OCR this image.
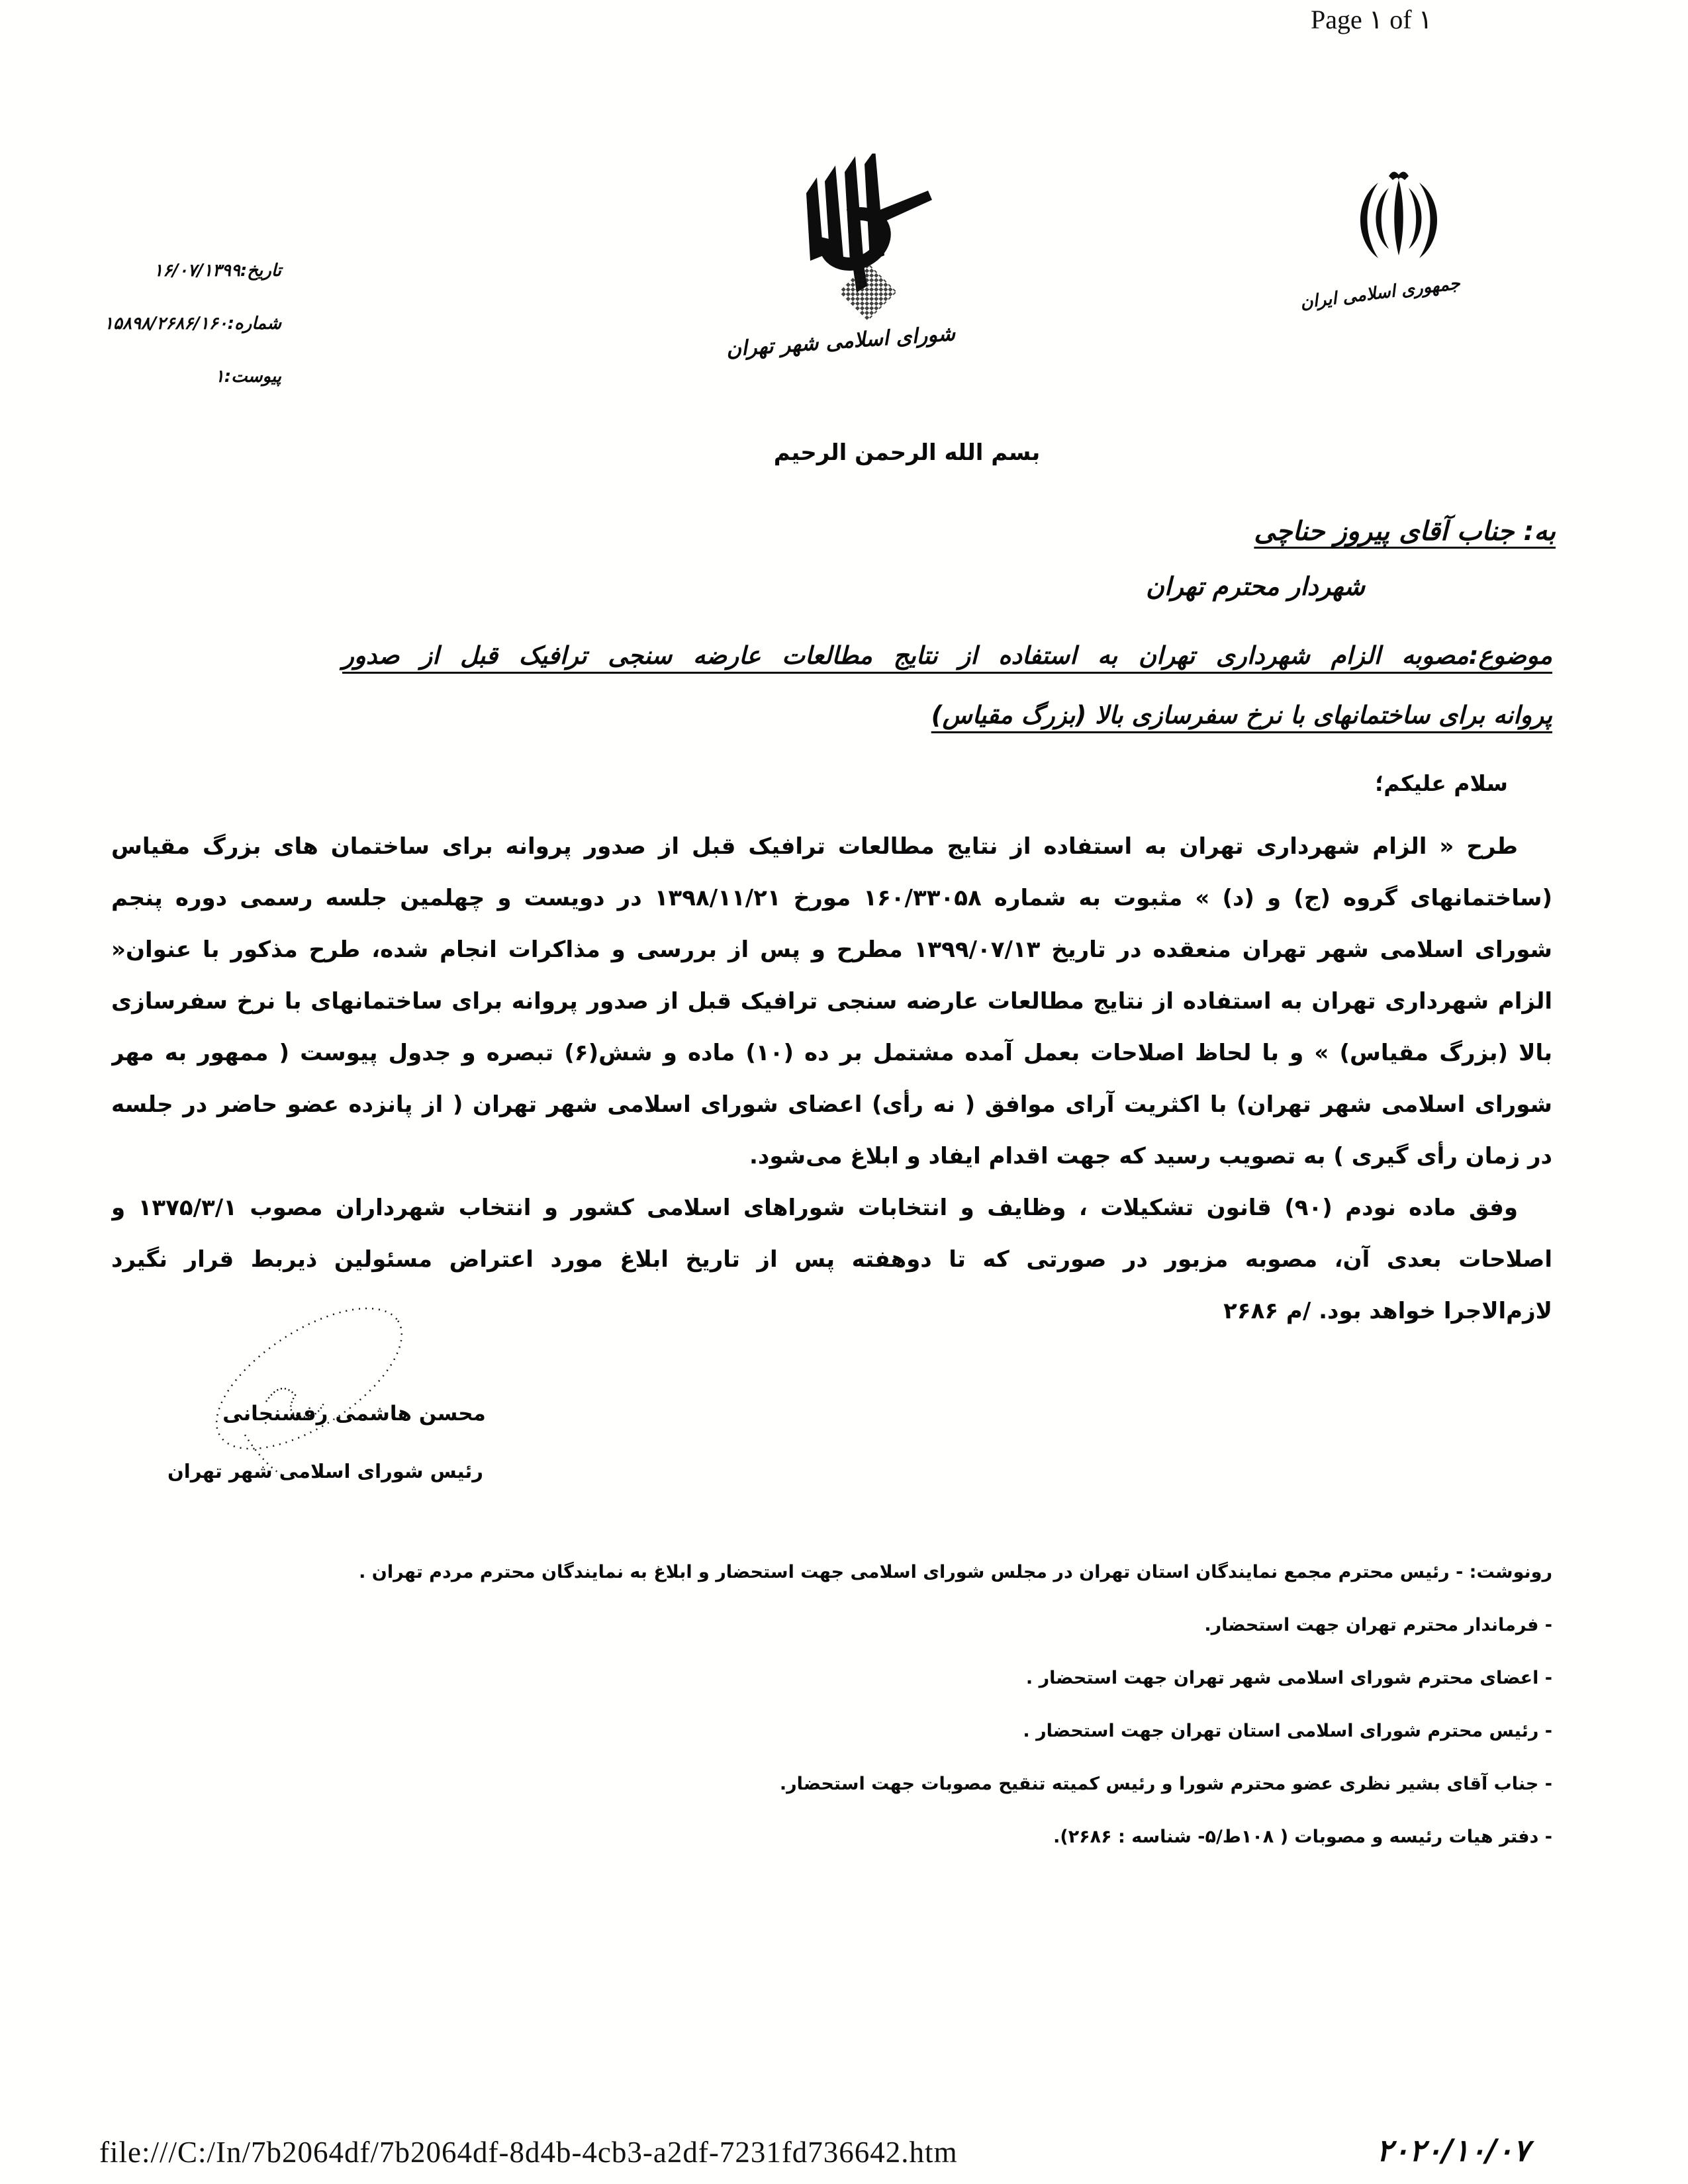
Page ۱ of ۱
تاریخ:۱۶/۰۷/۱۳۹۹
شماره:۱۵۸۹۸/۲۶۸۶/۱۶۰
پیوست:۱
شورای اسلامی شهر تهران
جمهوری اسلامی ایران
بسم الله الرحمن الرحیم
به: جناب آقای پیروز حناچی
شهردار محترم تهران
موضوع:مصوبه الزام شهرداری تهران به استفاده از نتایج مطالعات عارضه سنجی ترافیک قبل از صدور
پروانه برای ساختمانهای با نرخ سفرسازی بالا (بزرگ مقیاس)
سلام علیکم؛
طرح « الزام شهرداری تهران به استفاده از نتایج مطالعات ترافیک قبل از صدور پروانه برای ساختمان های بزرگ مقیاس
(ساختمانهای گروه (ج) و (د) » مثبوت به شماره ۱۶۰/۳۳۰۵۸ مورخ ۱۳۹۸/۱۱/۲۱ در دویست و چهلمین جلسه رسمی دوره پنجم
شورای اسلامی شهر تهران منعقده در تاریخ ۱۳۹۹/۰۷/۱۳ مطرح و پس از بررسی و مذاکرات انجام شده، طرح مذکور با عنوان«
الزام شهرداری تهران به استفاده از نتایج مطالعات عارضه سنجی ترافیک قبل از صدور پروانه برای ساختمانهای با نرخ سفرسازی
بالا (بزرگ مقیاس) » و با لحاظ اصلاحات بعمل آمده مشتمل بر ده (۱۰) ماده و شش(۶) تبصره و جدول پیوست ( ممهور به مهر
شورای اسلامی شهر تهران) با اکثریت آرای موافق ( نه رأی) اعضای شورای اسلامی شهر تهران ( از پانزده عضو حاضر در جلسه
در زمان رأی گیری ) به تصویب رسید که جهت اقدام ایفاد و ابلاغ می‌شود.
وفق ماده نودم (۹۰) قانون تشکیلات ، وظایف و انتخابات شوراهای اسلامی کشور و انتخاب شهرداران مصوب ۱۳۷۵/۳/۱ و
اصلاحات بعدی آن، مصوبه مزبور در صورتی که تا دوهفته پس از تاریخ ابلاغ مورد اعتراض مسئولین ذیربط قرار نگیرد
لازم‌الاجرا خواهد بود. /م ۲۶۸۶
محسن هاشمی رفسنجانی
رئیس شورای اسلامی شهر تهران
رونوشت: - رئیس محترم مجمع نمایندگان استان تهران در مجلس شورای اسلامی جهت استحضار و ابلاغ به نمایندگان محترم مردم تهران .
- فرماندار محترم تهران جهت استحضار.
- اعضای محترم شورای اسلامی شهر تهران جهت استحضار .
- رئیس محترم شورای اسلامی استان تهران جهت استحضار .
- جناب آقای بشیر نظری عضو محترم شورا و رئیس کمیته تنقیح مصوبات جهت استحضار.
- دفتر هیات رئیسه و مصوبات ( ۱۰۸ط/۵- شناسه : ۲۶۸۶).
file:///C:/In/7b2064df/7b2064df-8d4b-4cb3-a2df-7231fd736642.htm	۲۰۲۰/۱۰/۰۷
